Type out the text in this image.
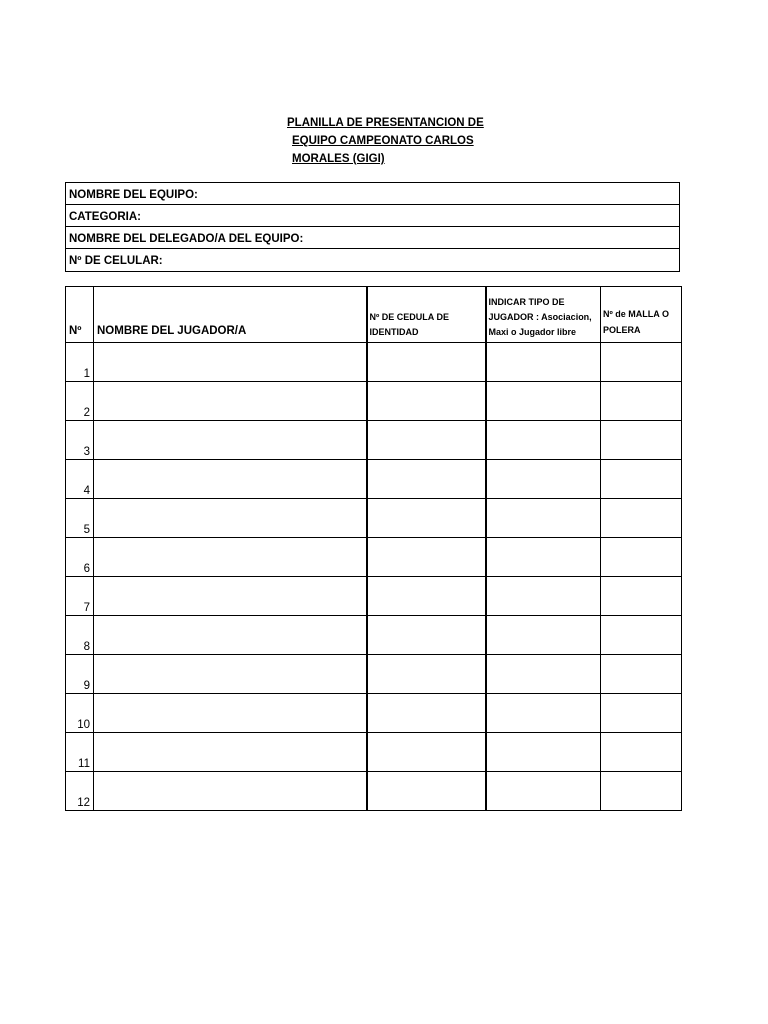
PLANILLA DE PRESENTANCION DE
EQUIPO CAMPEONATO CARLOS
MORALES (GIGI)
NOMBRE DEL EQUIPO:
CATEGORIA:
NOMBRE DEL DELEGADO/A DEL EQUIPO:
Nº DE CELULAR:
Nº	NOMBRE DEL JUGADOR/A	Nº DE CEDULA DE IDENTIDAD	INDICAR TIPO DE JUGADOR : Asociacion, Maxi o Jugador libre	Nº de MALLA O POLERA
1				
2				
3				
4				
5				
6				
7				
8				
9				
10				
11				
12				
